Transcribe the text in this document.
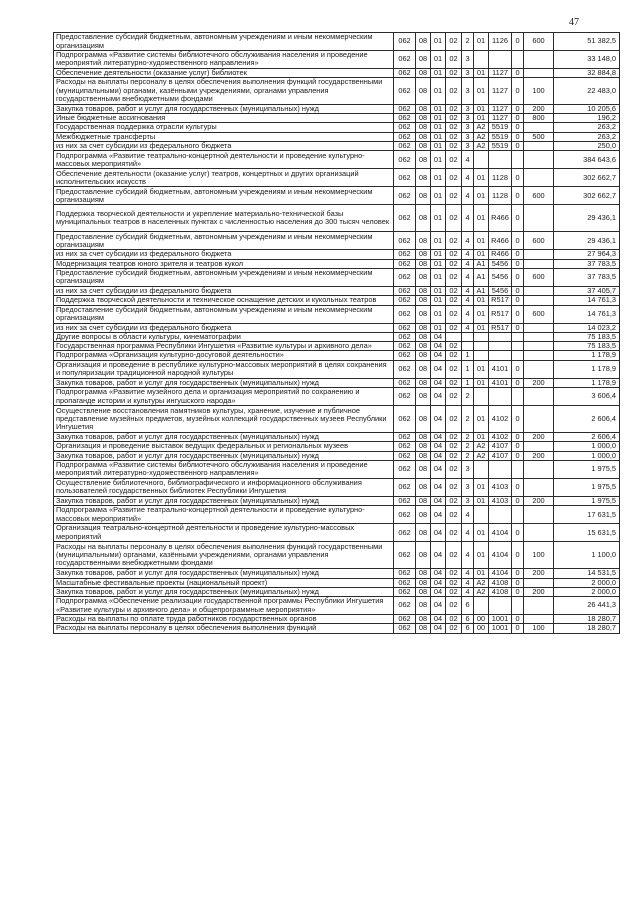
47
Предоставление субсидий бюджетным, автономным учреждениям и иным некоммерческим организациям	062	08	01	02	2	01	1126	0	600	51 382,5
Подпрограмма «Развитие системы библиотечного обслуживания населения и проведение мероприятий литературно-художественного направления»	062	08	01	02	3					33 148,0
Обеспечение деятельности (оказание услуг) библиотек	062	08	01	02	3	01	1127	0		32 884,8
Расходы на выплаты персоналу в целях обеспечения выполнения функций государственными (муниципальными) органами, казёнными учреждениями, органами управления государственными внебюджетными фондами	062	08	01	02	3	01	1127	0	100	22 483,0
Закупка товаров, работ и услуг для государственных (муниципальных) нужд	062	08	01	02	3	01	1127	0	200	10 205,6
Иные бюджетные ассигнования	062	08	01	02	3	01	1127	0	800	196,2
Государственная поддержка отрасли культуры	062	08	01	02	3	A2	5519	0		263,2
Межбюджетные трансферты	062	08	01	02	3	A2	5519	0	500	263,2
из них за счет субсидии из федерального бюджета	062	08	01	02	3	A2	5519	0		250,0
Подпрограмма «Развитие театрально-концертной деятельности и проведение культурно-массовых мероприятий»	062	08	01	02	4					384 643,6
Обеспечение деятельности (оказание услуг) театров, концертных и других организаций исполнительских искусств	062	08	01	02	4	01	1128	0		302 662,7
Предоставление субсидий бюджетным, автономным учреждениям и иным некоммерческим организациям	062	08	01	02	4	01	1128	0	600	302 662,7
Поддержка творческой деятельности и укрепление материально-технической базы муниципальных театров в населенных пунктах с численностью населения до 300 тысяч человек	062	08	01	02	4	01	R466	0		29 436,1
Предоставление субсидий бюджетным, автономным учреждениям и иным некоммерческим организациям	062	08	01	02	4	01	R466	0	600	29 436,1
из них за счет субсидии из федерального бюджета	062	08	01	02	4	01	R466	0		27 964,3
Модернизация театров юного зрителя и театров кукол	062	08	01	02	4	A1	5456	0		37 783,5
Предоставление субсидий бюджетным, автономным учреждениям и иным некоммерческим организациям	062	08	01	02	4	A1	5456	0	600	37 783,5
из них за счет субсидии из федерального бюджета	062	08	01	02	4	A1	5456	0		37 405,7
Поддержка творческой деятельности и техническое оснащение детских и кукольных театров	062	08	01	02	4	01	R517	0		14 761,3
Предоставление субсидий бюджетным, автономным учреждениям и иным некоммерческим организациям	062	08	01	02	4	01	R517	0	600	14 761,3
из них за счет субсидии из федерального бюджета	062	08	01	02	4	01	R517	0		14 023,2
Другие вопросы в области культуры, кинематографии	062	08	04							75 183,5
Государственная программа Республики Ингушетия «Развитие культуры и архивного дела»	062	08	04	02						75 183,5
Подпрограмма «Организация культурно-досуговой деятельности»	062	08	04	02	1					1 178,9
Организация и проведение в республике культурно-массовых мероприятий в целях сохранения и популяризации традиционной народной культуры	062	08	04	02	1	01	4101	0		1 178,9
Закупка товаров, работ и услуг для государственных (муниципальных) нужд	062	08	04	02	1	01	4101	0	200	1 178,9
Подпрограмма «Развитие музейного дела и организация мероприятий по сохранению и пропаганде истории и культуры ингушского народа»	062	08	04	02	2					3 606,4
Осуществление восстановления памятников культуры, хранение, изучение и публичное представление музейных предметов, музейных коллекций государственных музеев Республики Ингушетия	062	08	04	02	2	01	4102	0		2 606,4
Закупка товаров, работ и услуг для государственных (муниципальных) нужд	062	08	04	02	2	01	4102	0	200	2 606,4
Организация и проведение выставок ведущих федеральных и региональных музеев	062	08	04	02	2	A2	4107	0		1 000,0
Закупка товаров, работ и услуг для государственных (муниципальных) нужд	062	08	04	02	2	A2	4107	0	200	1 000,0
Подпрограмма «Развитие системы библиотечного обслуживания населения и проведение мероприятий литературно-художественного направления»	062	08	04	02	3					1 975,5
Осуществление библиотечного, библиографического и информационного обслуживания пользователей государственных библиотек Республики Ингушетия	062	08	04	02	3	01	4103	0		1 975,5
Закупка товаров, работ и услуг для государственных (муниципальных) нужд	062	08	04	02	3	01	4103	0	200	1 975,5
Подпрограмма «Развитие театрально-концертной деятельности и проведение культурно-массовых мероприятий»	062	08	04	02	4					17 631,5
Организация театрально-концертной деятельности и проведение культурно-массовых мероприятий	062	08	04	02	4	01	4104	0		15 631,5
Расходы на выплаты персоналу в целях обеспечения выполнения функций государственными (муниципальными) органами, казёнными учреждениями, органами управления государственными внебюджетными фондами	062	08	04	02	4	01	4104	0	100	1 100,0
Закупка товаров, работ и услуг для государственных (муниципальных) нужд	062	08	04	02	4	01	4104	0	200	14 531,5
Масштабные фестивальные проекты (национальный проект)	062	08	04	02	4	A2	4108	0		2 000,0
Закупка товаров, работ и услуг для государственных (муниципальных) нужд	062	08	04	02	4	A2	4108	0	200	2 000,0
Подпрограмма «Обеспечение реализации государственной программы Республики Ингушетия «Развитие культуры и архивного дела» и общепрограммные мероприятия»	062	08	04	02	6					26 441,3
Расходы на выплаты по оплате труда работников государственных органов	062	08	04	02	6	00	1001	0		18 280,7
Расходы на выплаты персоналу в целях обеспечения выполнения функций	062	08	04	02	6	00	1001	0	100	18 280,7
